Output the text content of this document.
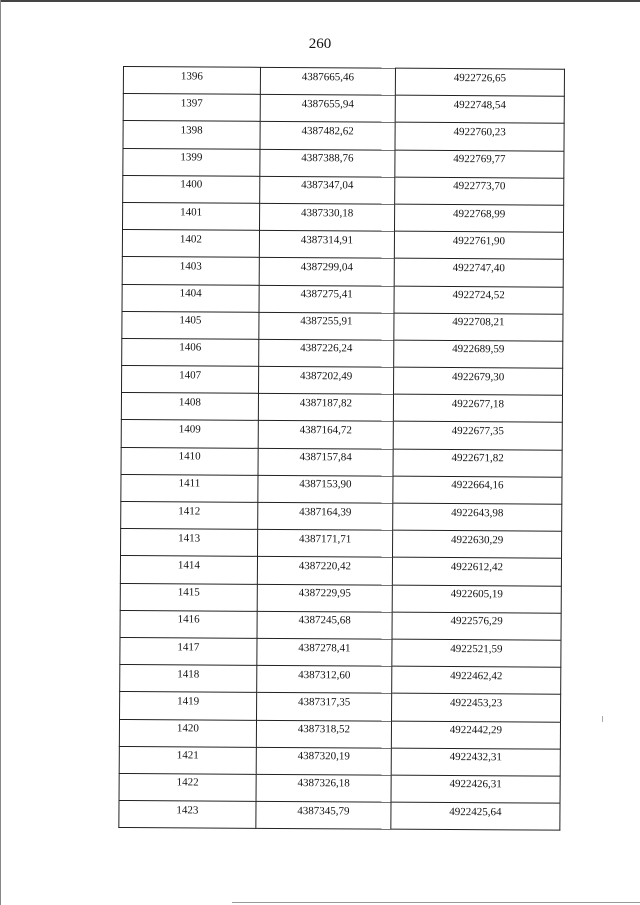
260
1396	4387665,46	4922726,65
1397	4387655,94	4922748,54
1398	4387482,62	4922760,23
1399	4387388,76	4922769,77
1400	4387347,04	4922773,70
1401	4387330,18	4922768,99
1402	4387314,91	4922761,90
1403	4387299,04	4922747,40
1404	4387275,41	4922724,52
1405	4387255,91	4922708,21
1406	4387226,24	4922689,59
1407	4387202,49	4922679,30
1408	4387187,82	4922677,18
1409	4387164,72	4922677,35
1410	4387157,84	4922671,82
1411	4387153,90	4922664,16
1412	4387164,39	4922643,98
1413	4387171,71	4922630,29
1414	4387220,42	4922612,42
1415	4387229,95	4922605,19
1416	4387245,68	4922576,29
1417	4387278,41	4922521,59
1418	4387312,60	4922462,42
1419	4387317,35	4922453,23
1420	4387318,52	4922442,29
1421	4387320,19	4922432,31
1422	4387326,18	4922426,31
1423	4387345,79	4922425,64
